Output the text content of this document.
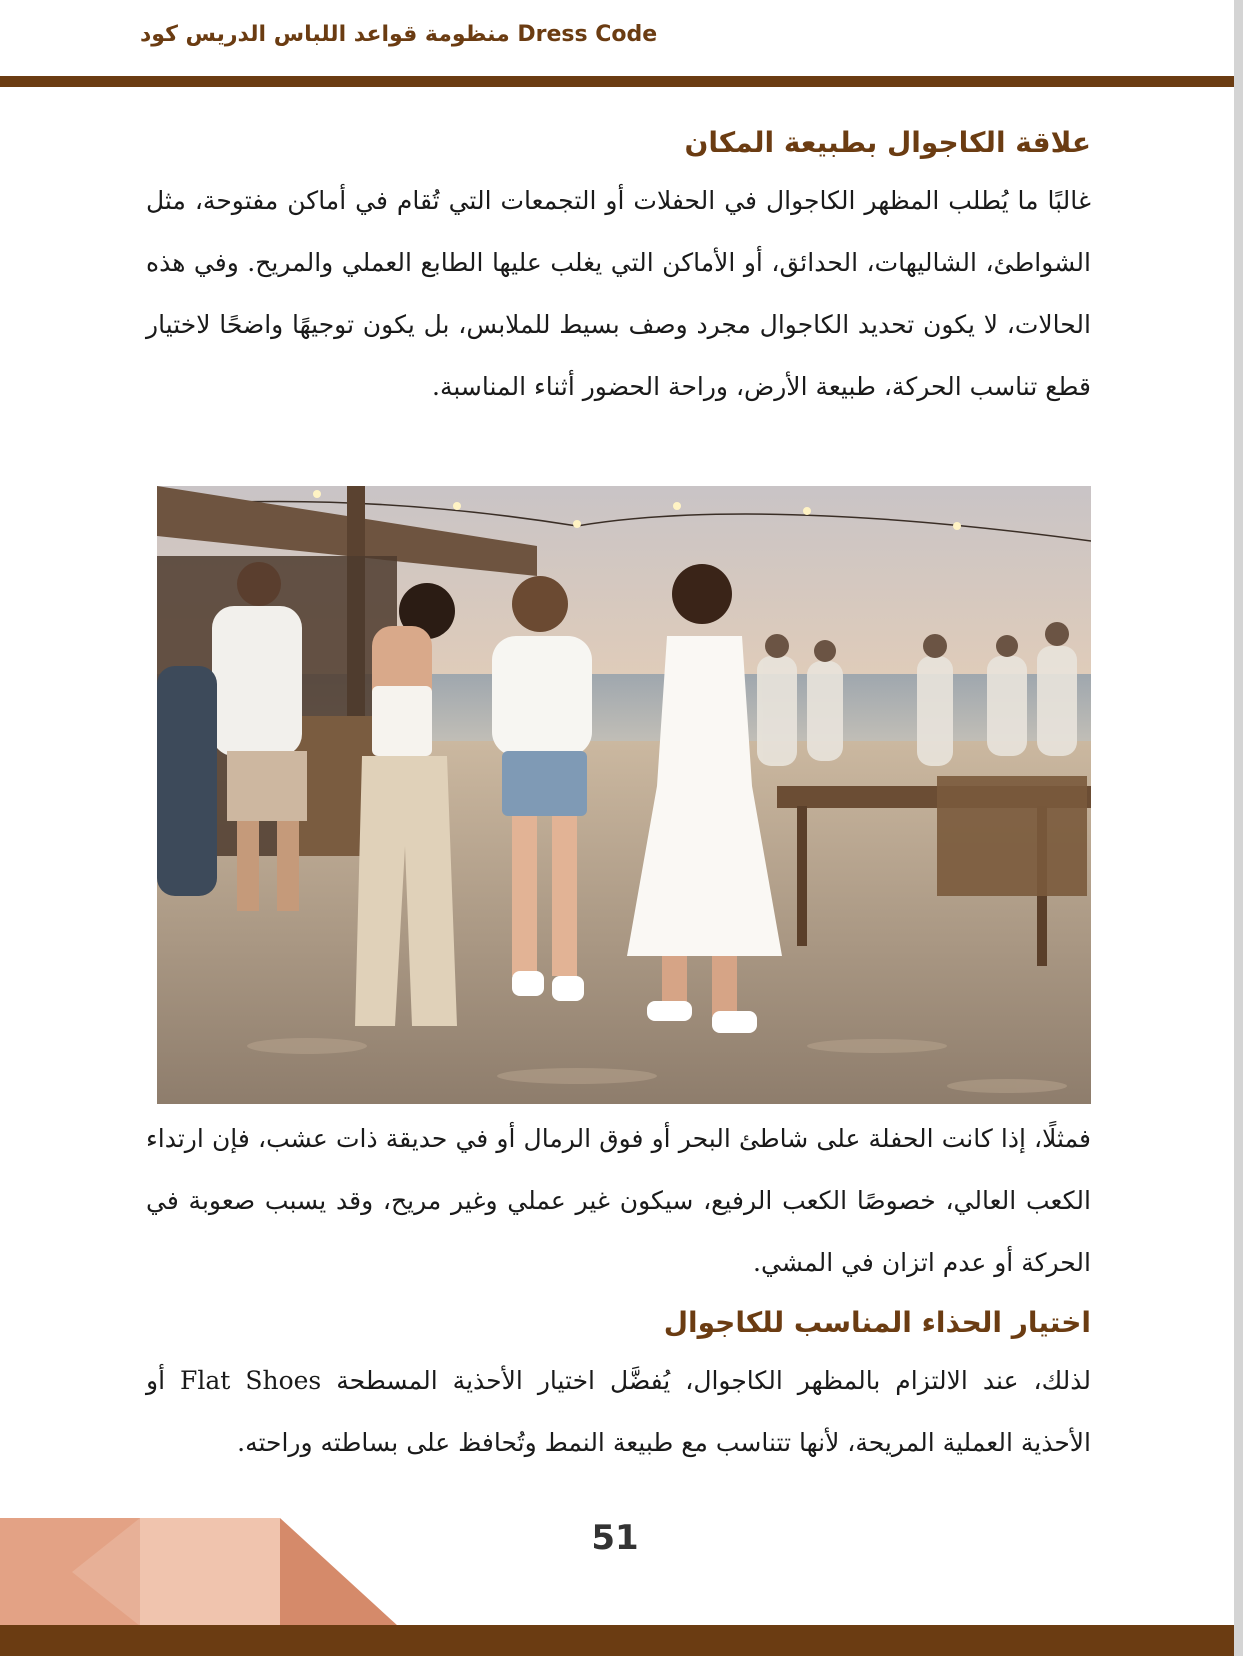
منظومة قواعد اللباس الدريس كود Dress Code
علاقة الكاجوال بطبيعة المكان

غالبًا ما يُطلب المظهر الكاجوال في الحفلات أو التجمعات التي تُقام في أماكن مفتوحة، مثل الشواطئ، الشاليهات، الحدائق، أو الأماكن التي يغلب عليها الطابع العملي والمريح. وفي هذه الحالات، لا يكون تحديد الكاجوال مجرد وصف بسيط للملابس، بل يكون توجيهًا واضحًا لاختيار قطع تناسب الحركة، طبيعة الأرض، وراحة الحضور أثناء المناسبة.

فمثلًا، إذا كانت الحفلة على شاطئ البحر أو فوق الرمال أو في حديقة ذات عشب، فإن ارتداء الكعب العالي، خصوصًا الكعب الرفيع، سيكون غير عملي وغير مريح، وقد يسبب صعوبة في الحركة أو عدم اتزان في المشي.

اختيار الحذاء المناسب للكاجوال

لذلك، عند الالتزام بالمظهر الكاجوال، يُفضَّل اختيار الأحذية المسطحة Flat Shoes أو الأحذية العملية المريحة، لأنها تتناسب مع طبيعة النمط وتُحافظ على بساطته وراحته.

51
